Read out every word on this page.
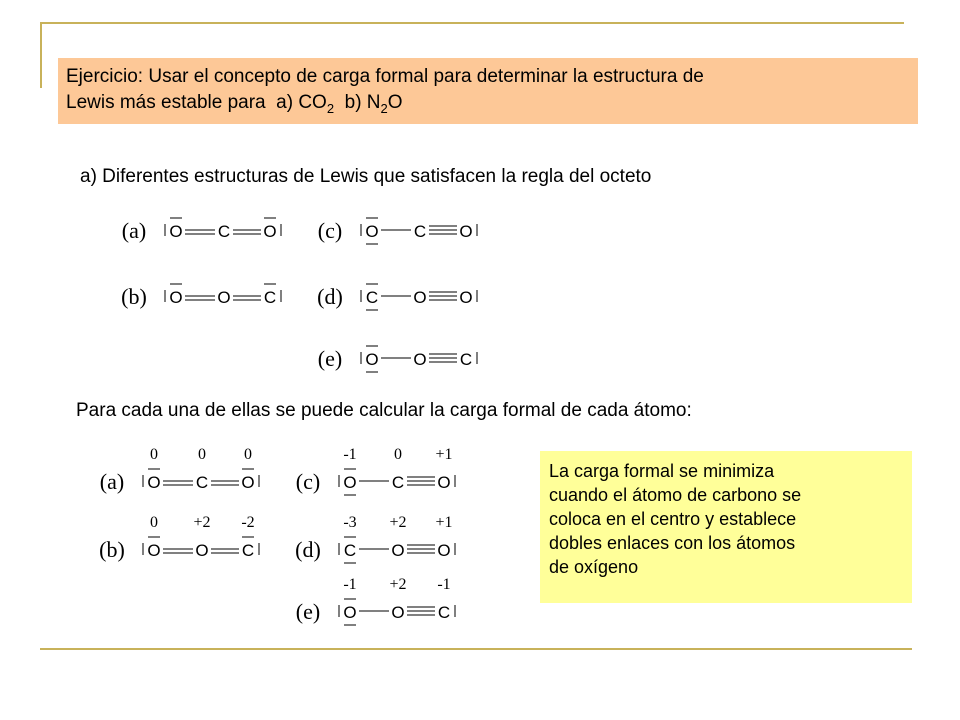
Ejercicio: Usar el concepto de carga formal para determinar la estructura de
Lewis más estable para  a) $CO_2$  b) $N_2O$
a) Diferentes estructuras de Lewis que satisfacen la regla del octeto
Para cada una de ellas se puede calcular la carga formal de cada átomo:
(a) O C O (c) O C O
(b) O O C (d) C O O
(e) O O C
(a) O
0
C
0
O
0
(c) O
-1
C
0
O
+1
(b) O
0
O
+2
C
-2
(d) C
-3
O
+2
O
+1
(e) O
-1
O
+2
C
-1
La carga formal se minimiza
cuando el átomo de carbono se
coloca en el centro y establece
dobles enlaces con los átomos
de oxígeno
